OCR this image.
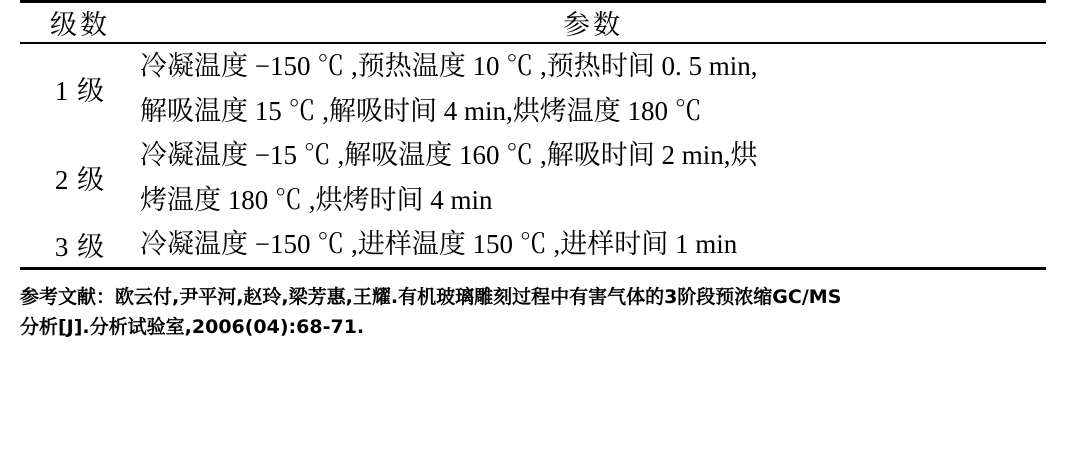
级数	参数
1 级	冷凝温度 −150 ℃ ,预热温度 10 ℃ ,预热时间 0. 5 min,
解吸温度 15 ℃ ,解吸时间 4 min,烘烤温度 180 ℃

2 级	冷凝温度 −15 ℃ ,解吸温度 160 ℃ ,解吸时间 2 min,烘
烤温度 180 ℃ ,烘烤时间 4 min

3 级	冷凝温度 −150 ℃ ,进样温度 150 ℃ ,进样时间 1 min

参考文献：欧云付,尹平河,赵玲,梁芳惠,王耀.有机玻璃雕刻过程中有害气体的3阶段预浓缩GC/MS
分析[J].分析试验室,2006(04):68-71.
